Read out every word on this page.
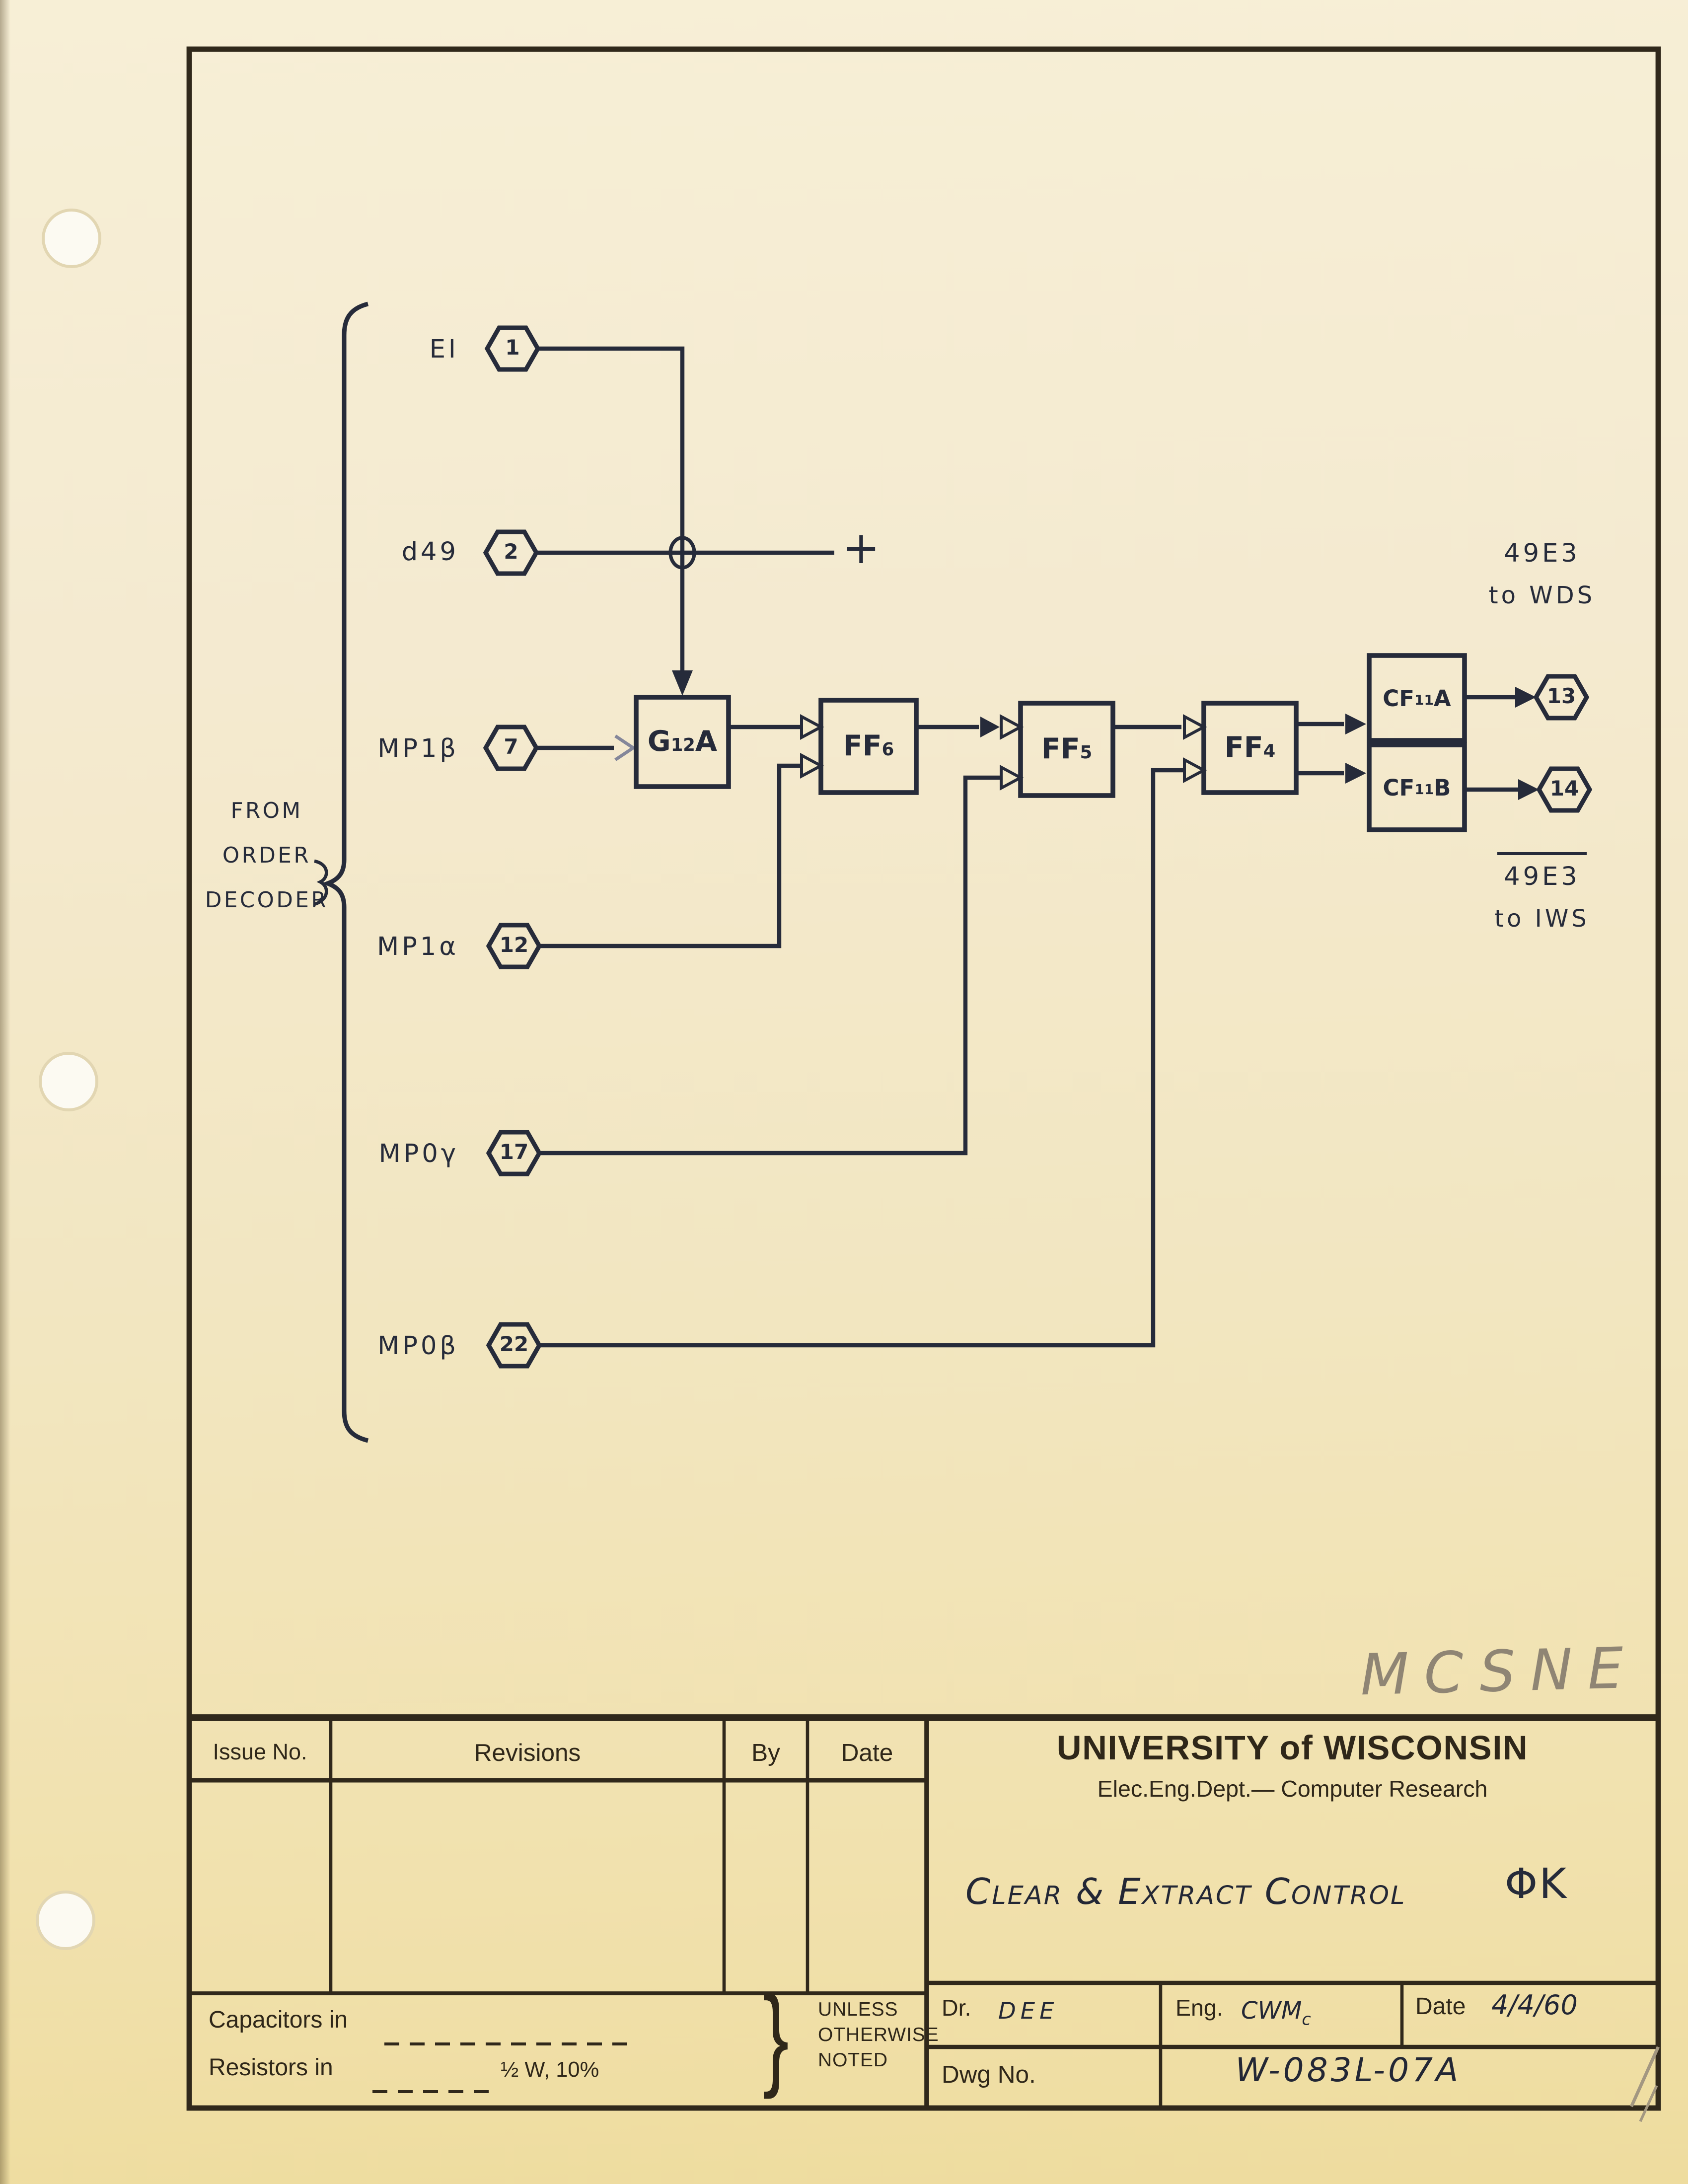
FROM
ORDER
DECODER
EI
d49
MP1β
MP1α
MP0γ
MP0β
1
2
7
12
17
22
13
14
+
$G_{12}$ A	$FF_6$	$FF_5$	$FF_4$
$CF_{11}$ A
$CF_{11}$ B
49E3
to WDS
49E3
to IWS
MCSNE
Issue No.	Revisions	By	Date	UNIVERSITY of WISCONSIN
Elec.Eng.Dept.— Computer Research
Clear & Extract Control	ΦK
Dr.	DEE	Eng. $CWM_c$	Date	4/4/60
Dwg No.	W-083L-07A
Capacitors in
Resistors in	½ W, 10%	}	UNLESS
OTHERWISE
NOTED
